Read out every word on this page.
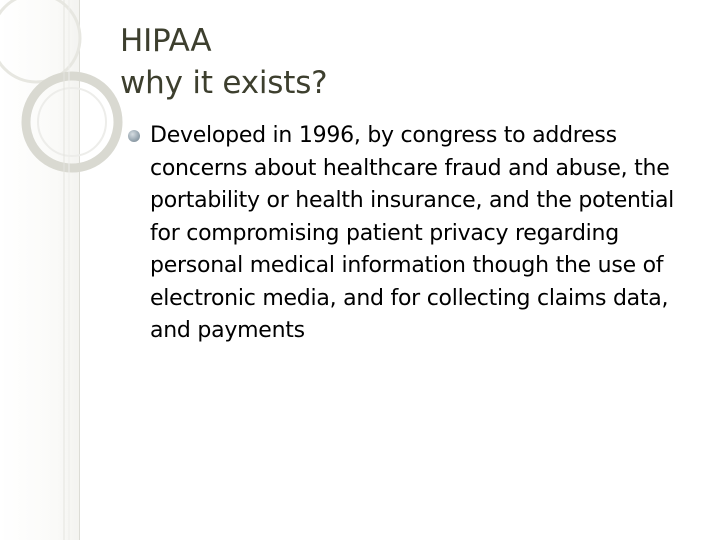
HIPAA
why it exists?
Developed in 1996, by congress to address concerns about healthcare fraud and abuse, the portability or health insurance, and the potential for compromising patient privacy regarding personal medical information though the use of electronic media, and for collecting claims data, and payments
